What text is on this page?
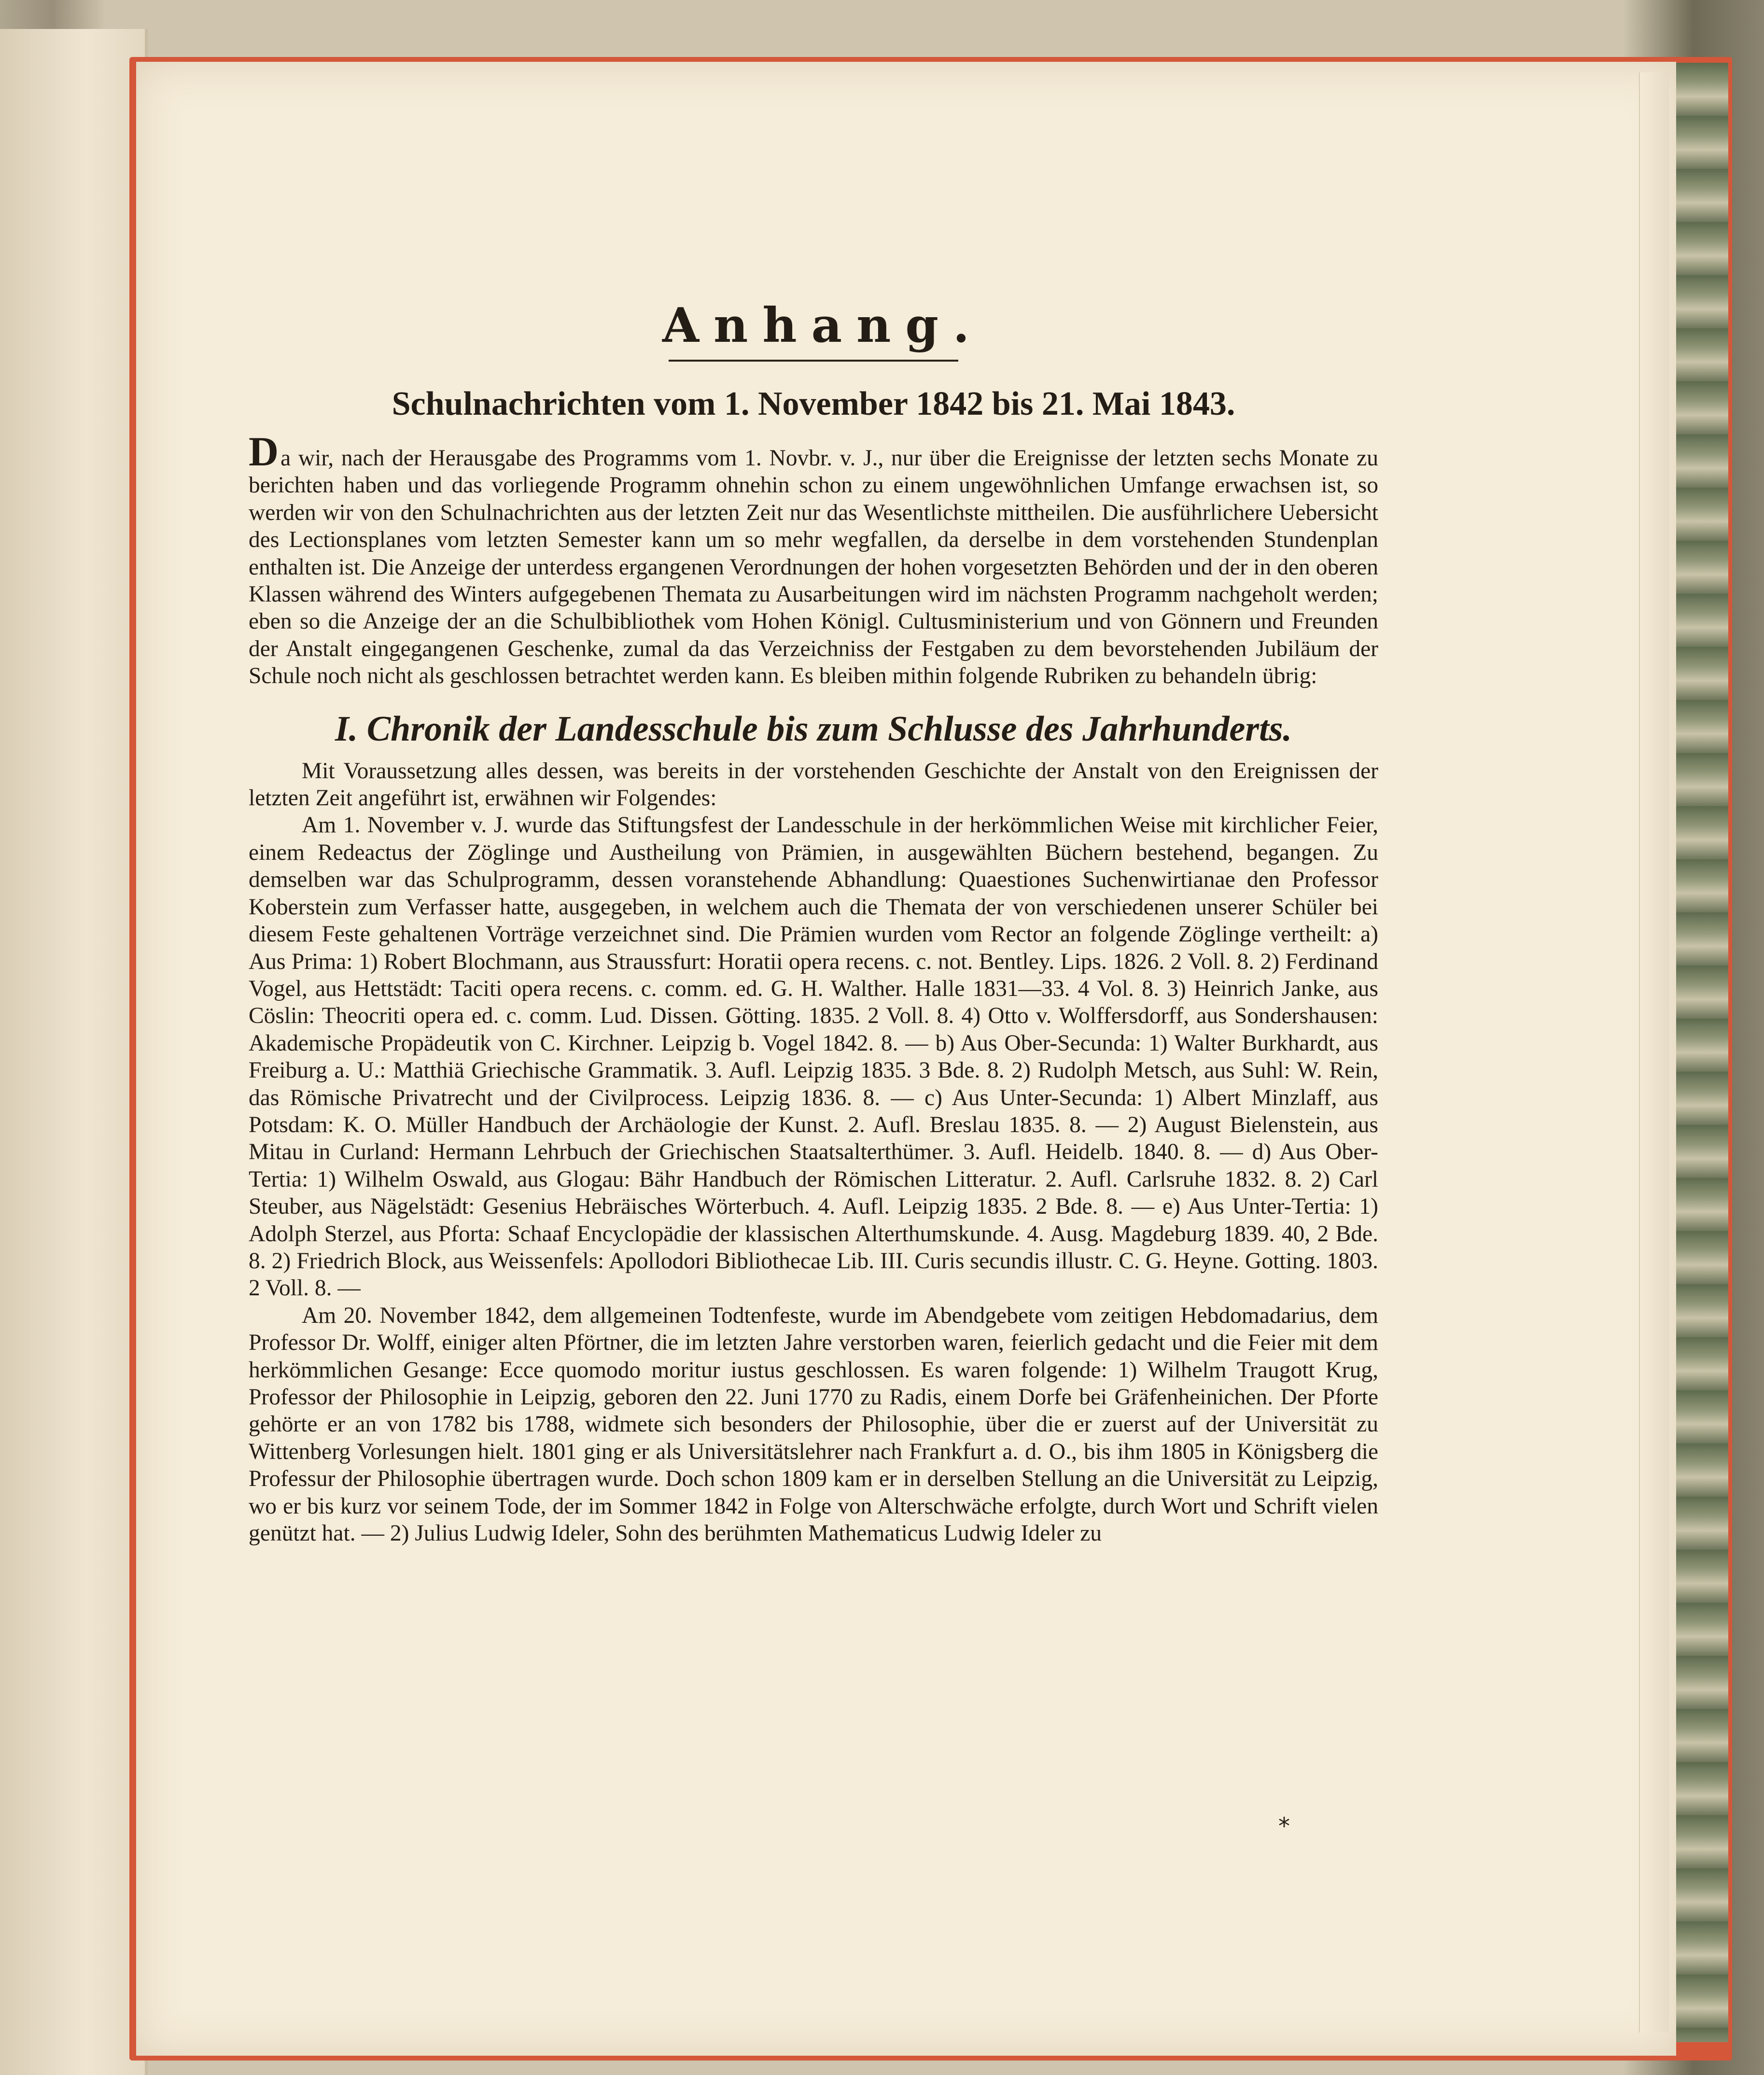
Anhang.
Schulnachrichten vom 1. November 1842 bis 21. Mai 1843.

Da wir, nach der Herausgabe des Programms vom 1. Novbr. v. J., nur über die Ereignisse der letzten sechs Monate zu berichten haben und das vorliegende Programm ohnehin schon zu einem ungewöhnlichen Umfange erwachsen ist, so werden wir von den Schulnachrichten aus der letzten Zeit nur das Wesentlichste mittheilen. Die ausführlichere Uebersicht des Lectionsplanes vom letzten Semester kann um so mehr wegfallen, da derselbe in dem vorstehenden Stundenplan enthalten ist. Die Anzeige der unterdess ergangenen Verordnungen der hohen vorgesetzten Behörden und der in den oberen Klassen während des Winters aufgegebenen Themata zu Ausarbeitungen wird im nächsten Programm nachgeholt werden; eben so die Anzeige der an die Schulbibliothek vom Hohen Königl. Cultusministerium und von Gönnern und Freunden der Anstalt eingegangenen Geschenke, zumal da das Verzeichniss der Festgaben zu dem bevorstehenden Jubiläum der Schule noch nicht als geschlossen betrachtet werden kann. Es bleiben mithin folgende Rubriken zu behandeln übrig:

I. Chronik der Landesschule bis zum Schlusse des Jahrhunderts.

Mit Voraussetzung alles dessen, was bereits in der vorstehenden Geschichte der Anstalt von den Ereignissen der letzten Zeit angeführt ist, erwähnen wir Folgendes:

Am 1. November v. J. wurde das Stiftungsfest der Landesschule in der herkömmlichen Weise mit kirchlicher Feier, einem Redeactus der Zöglinge und Austheilung von Prämien, in ausgewählten Büchern bestehend, begangen. Zu demselben war das Schulprogramm, dessen voranstehende Abhandlung: Quaestiones Suchenwirtianae den Professor Koberstein zum Verfasser hatte, ausgegeben, in welchem auch die Themata der von verschiedenen unserer Schüler bei diesem Feste gehaltenen Vorträge verzeichnet sind. Die Prämien wurden vom Rector an folgende Zöglinge vertheilt: a) Aus Prima: 1) Robert Blochmann, aus Straussfurt: Horatii opera recens. c. not. Bentley. Lips. 1826. 2 Voll. 8. 2) Ferdinand Vogel, aus Hettstädt: Taciti opera recens. c. comm. ed. G. H. Walther. Halle 1831—33. 4 Vol. 8. 3) Heinrich Janke, aus Cöslin: Theocriti opera ed. c. comm. Lud. Dissen. Götting. 1835. 2 Voll. 8. 4) Otto v. Wolffersdorff, aus Sondershausen: Akademische Propädeutik von C. Kirchner. Leipzig b. Vogel 1842. 8. — b) Aus Ober-Secunda: 1) Walter Burkhardt, aus Freiburg a. U.: Matthiä Griechische Grammatik. 3. Aufl. Leipzig 1835. 3 Bde. 8. 2) Rudolph Metsch, aus Suhl: W. Rein, das Römische Privatrecht und der Civilprocess. Leipzig 1836. 8. — c) Aus Unter-Secunda: 1) Albert Minzlaff, aus Potsdam: K. O. Müller Handbuch der Archäologie der Kunst. 2. Aufl. Breslau 1835. 8. — 2) August Bielenstein, aus Mitau in Curland: Hermann Lehrbuch der Griechischen Staatsalterthümer. 3. Aufl. Heidelb. 1840. 8. — d) Aus Ober-Tertia: 1) Wilhelm Oswald, aus Glogau: Bähr Handbuch der Römischen Litteratur. 2. Aufl. Carlsruhe 1832. 8. 2) Carl Steuber, aus Nägelstädt: Gesenius Hebräisches Wörterbuch. 4. Aufl. Leipzig 1835. 2 Bde. 8. — e) Aus Unter-Tertia: 1) Adolph Sterzel, aus Pforta: Schaaf Encyclopädie der klassischen Alterthumskunde. 4. Ausg. Magdeburg 1839. 40, 2 Bde. 8. 2) Friedrich Block, aus Weissenfels: Apollodori Bibliothecae Lib. III. Curis secundis illustr. C. G. Heyne. Gotting. 1803. 2 Voll. 8. —

Am 20. November 1842, dem allgemeinen Todtenfeste, wurde im Abendgebete vom zeitigen Hebdomadarius, dem Professor Dr. Wolff, einiger alten Pförtner, die im letzten Jahre verstorben waren, feierlich gedacht und die Feier mit dem herkömmlichen Gesange: Ecce quomodo moritur iustus geschlossen. Es waren folgende: 1) Wilhelm Traugott Krug, Professor der Philosophie in Leipzig, geboren den 22. Juni 1770 zu Radis, einem Dorfe bei Gräfenheinichen. Der Pforte gehörte er an von 1782 bis 1788, widmete sich besonders der Philosophie, über die er zuerst auf der Universität zu Wittenberg Vorlesungen hielt. 1801 ging er als Universitätslehrer nach Frankfurt a. d. O., bis ihm 1805 in Königsberg die Professur der Philosophie übertragen wurde. Doch schon 1809 kam er in derselben Stellung an die Universität zu Leipzig, wo er bis kurz vor seinem Tode, der im Sommer 1842 in Folge von Alterschwäche erfolgte, durch Wort und Schrift vielen genützt hat. — 2) Julius Ludwig Ideler, Sohn des berühmten Mathematicus Ludwig Ideler zu

*
